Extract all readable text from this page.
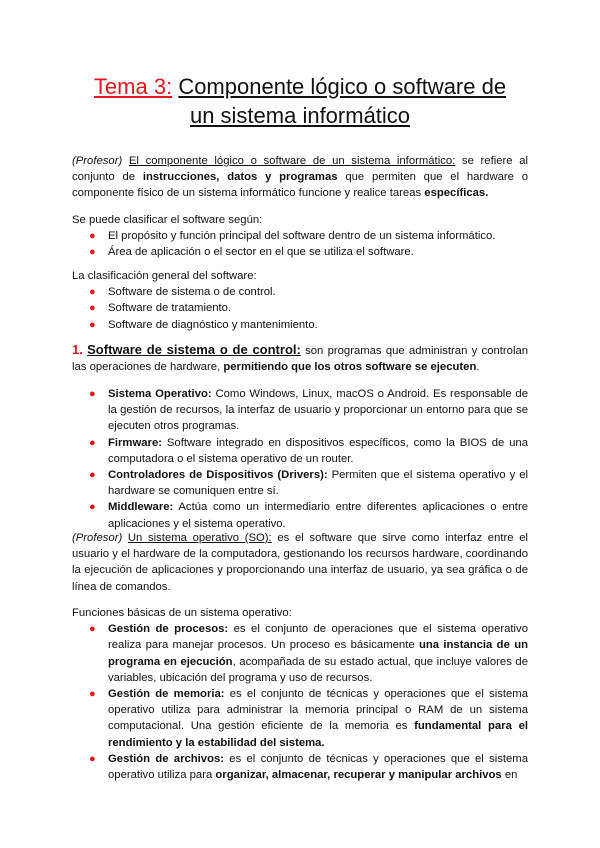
Tema 3: Componente lógico o software de
un sistema informático

(Profesor) El componente lógico o software de un sistema informático: se refiere al conjunto de instrucciones, datos y programas que permiten que el hardware o componente físico de un sistema informático funcione y realice tareas específicas.

Se puede clasificar el software según:

● El propósito y función principal del software dentro de un sistema informático.
● Área de aplicación o el sector en el que se utiliza el software.

La clasificación general del software:

● Software de sistema o de control.
● Software de tratamiento.
● Software de diagnóstico y mantenimiento.

1. Software de sistema o de control: son programas que administran y controlan las operaciones de hardware, permitiendo que los otros software se ejecuten.

● Sistema Operativo: Como Windows, Linux, macOS o Android. Es responsable de la gestión de recursos, la interfaz de usuario y proporcionar un entorno para que se ejecuten otros programas.
● Firmware: Software integrado en dispositivos específicos, como la BIOS de una computadora o el sistema operativo de un router.
● Controladores de Dispositivos (Drivers): Permiten que el sistema operativo y el hardware se comuniquen entre sí.
● Middleware: Actúa como un intermediario entre diferentes aplicaciones o entre aplicaciones y el sistema operativo.

(Profesor) Un sistema operativo (SO): es el software que sirve como interfaz entre el usuario y el hardware de la computadora, gestionando los recursos hardware, coordinando la ejecución de aplicaciones y proporcionando una interfaz de usuario, ya sea gráfica o de línea de comandos.

Funciones básicas de un sistema operativo:

● Gestión de procesos: es el conjunto de operaciones que el sistema operativo realiza para manejar procesos. Un proceso es básicamente una instancia de un programa en ejecución, acompañada de su estado actual, que incluye valores de variables, ubicación del programa y uso de recursos.
● Gestión de memoria: es el conjunto de técnicas y operaciones que el sistema operativo utiliza para administrar la memoria principal o RAM de un sistema computacional. Una gestión eficiente de la memoria es fundamental para el rendimiento y la estabilidad del sistema.
● Gestión de archivos: es el conjunto de técnicas y operaciones que el sistema operativo utiliza para organizar, almacenar, recuperar y manipular archivos en
